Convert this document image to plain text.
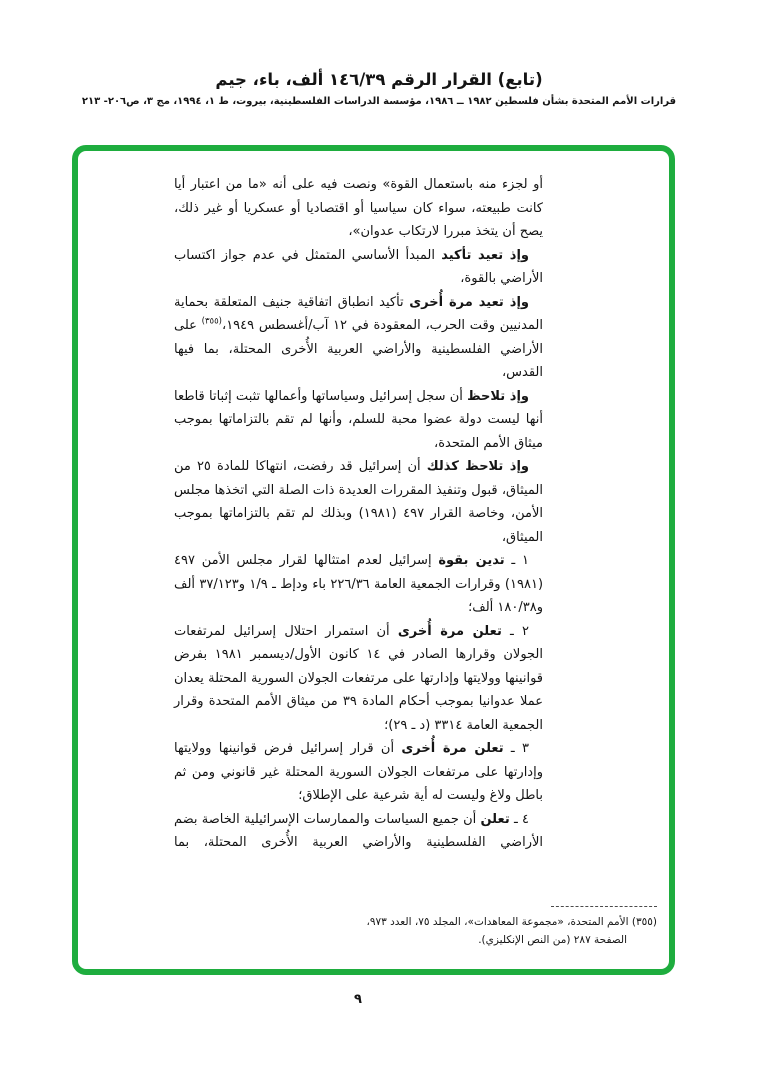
(تابع) القرار الرقم ١٤٦/٣٩ ألف، باء، جيم
قرارات الأمم المتحدة بشأن فلسطين ١٩٨٢ ــ ١٩٨٦، مؤسسة الدراسات الفلسطينية، بيروت، ط ١، ١٩٩٤، مج ٣، ص٢٠٦- ٢١٣

أو لجزء منه باستعمال القوة» ونصت فيه على أنه «ما من اعتبار أيا كانت طبيعته، سواء كان سياسيا أو اقتصاديا أو عسكريا أو غير ذلك، يصح أن يتخذ مبررا لارتكاب عدوان»،

وإذ تعيد تأكيد المبدأ الأساسي المتمثل في عدم جواز اكتساب الأراضي بالقوة،

وإذ تعيد مرة أُخرى تأكيد انطباق اتفاقية جنيف المتعلقة بحماية المدنيين وقت الحرب، المعقودة في ١٢ آب/أغسطس ١٩٤٩،$^{(٣٥٥)}$ على الأراضي الفلسطينية والأراضي العربية الأُخرى المحتلة، بما فيها القدس،

وإذ تلاحظ أن سجل إسرائيل وسياساتها وأعمالها تثبت إثباتا قاطعا أنها ليست دولة عضوا محبة للسلم، وأنها لم تقم بالتزاماتها بموجب ميثاق الأمم المتحدة،

وإذ تلاحظ كذلك أن إسرائيل قد رفضت، انتهاكا للمادة ٢٥ من الميثاق، قبول وتنفيذ المقررات العديدة ذات الصلة التي اتخذها مجلس الأمن، وخاصة القرار ٤٩٧ (١٩٨١) وبذلك لم تقم بالتزاماتها بموجب الميثاق،

١ ـ تدين بقوة إسرائيل لعدم امتثالها لقرار مجلس الأمن ٤٩٧ (١٩٨١) وقرارات الجمعية العامة ٢٢٦/٣٦ باء ودإط ـ ١/٩ و٣٧/١٢٣ ألف و١٨٠/٣٨ ألف؛

٢ ـ تعلن مرة أُخرى أن استمرار احتلال إسرائيل لمرتفعات الجولان وقرارها الصادر في ١٤ كانون الأول/ديسمبر ١٩٨١ بفرض قوانينها وولايتها وإدارتها على مرتفعات الجولان السورية المحتلة يعدان عملا عدوانيا بموجب أحكام المادة ٣٩ من ميثاق الأمم المتحدة وقرار الجمعية العامة ٣٣١٤ (د ـ ٢٩)؛

٣ ـ تعلن مرة أُخرى أن قرار إسرائيل فرض قوانينها وولايتها وإدارتها على مرتفعات الجولان السورية المحتلة غير قانوني ومن ثم باطل ولاغ وليست له أية شرعية على الإطلاق؛

٤ ـ تعلن أن جميع السياسات والممارسات الإسرائيلية الخاصة بضم الأراضي الفلسطينية والأراضي العربية الأُخرى المحتلة، بما

(٣٥٥) الأمم المتحدة، «مجموعة المعاهدات»، المجلد ٧٥، العدد ٩٧٣،
الصفحة ٢٨٧ (من النص الإنكليزي).
٩
